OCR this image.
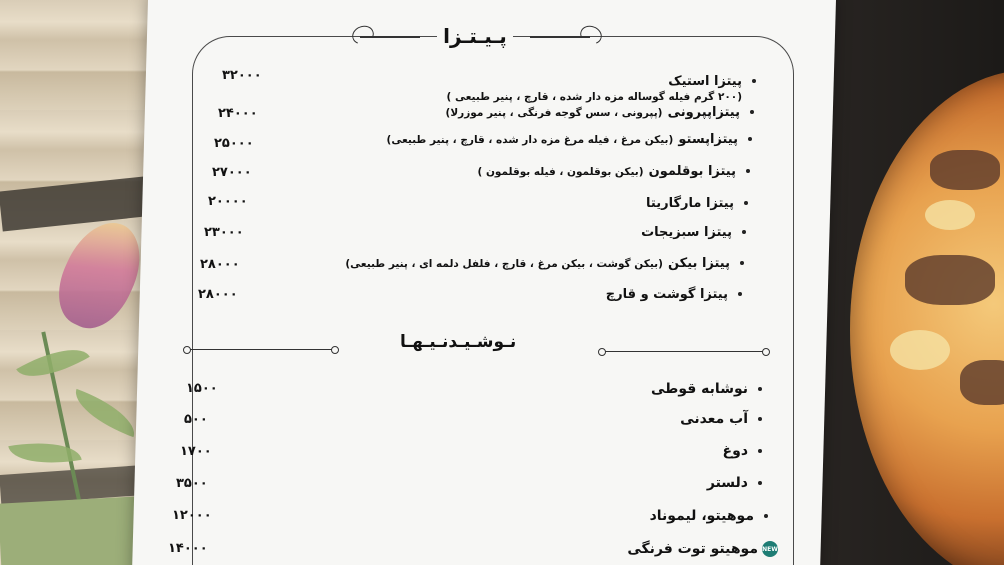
پـيـتـزا
پیتزا استیک
(۲۰۰ گرم فیله گوساله مزه دار شده ، قارچ ، پنیر طبیعی )
۳۲۰۰۰
پیتزاپپرونی (پپرونی ، سس گوجه فرنگی ، پنیر موزرلا)
۲۴۰۰۰
پیتزاپستو (بیکن مرغ ، فیله مرغ مزه دار شده ، قارچ ، پنیر طبیعی)
۲۵۰۰۰
پیتزا بوقلمون (بیکن بوقلمون ، فیله بوقلمون )
۲۷۰۰۰
پیتزا مارگاریتا
۲۰۰۰۰
پیتزا سبزیجات
۲۳۰۰۰
پیتزا بیکن (بیکن گوشت ، بیکن مرغ ، قارچ ، فلفل دلمه ای ، پنیر طبیعی)
۲۸۰۰۰
پیتزا گوشت و قارچ
۲۸۰۰۰
نـوشـیـدنـیـهـا
نوشابه قوطی
۱۵۰۰
آب معدنی
۵۰۰
دوغ
۱۷۰۰
دلستر
۳۵۰۰
موهیتو، لیموناد
۱۲۰۰۰
موهیتو توت فرنگی NEW
۱۴۰۰۰
